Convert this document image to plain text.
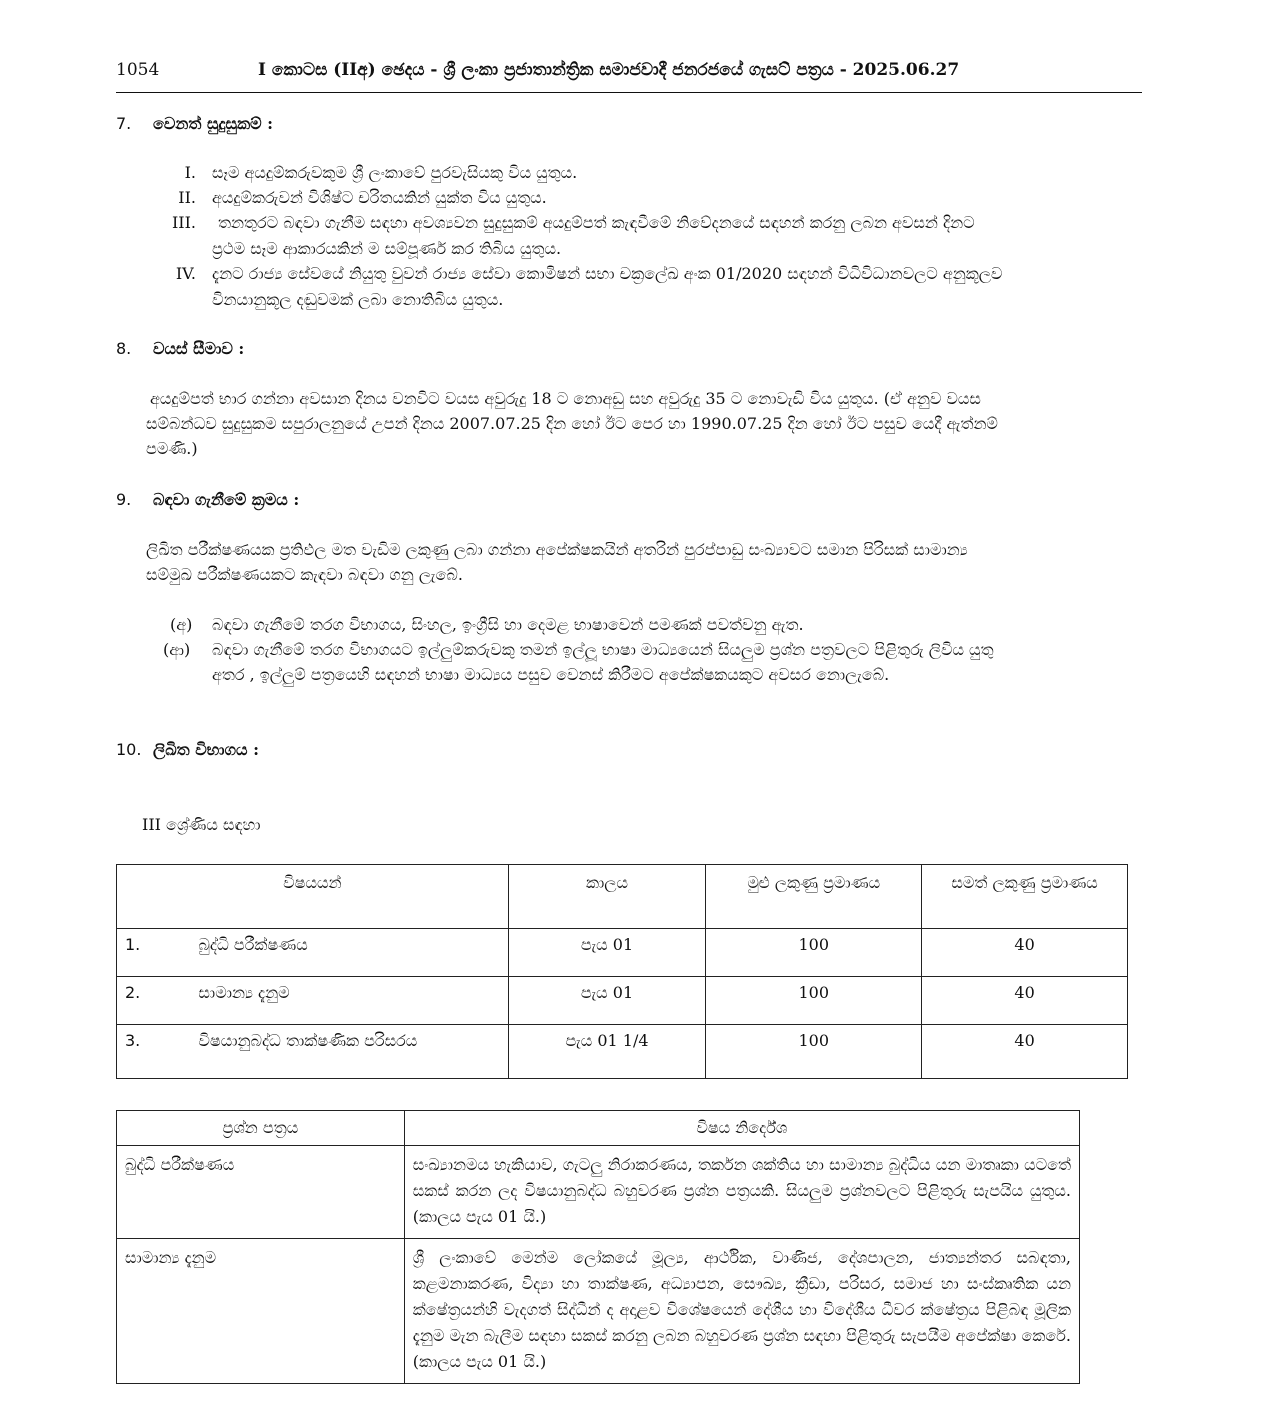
1054	I කොටස (IIඅ) ඡෙදය - ශ්‍රී ලංකා ප්‍රජාතාන්ත්‍රික සමාජවාදී ජනරජයේ ගැසට් පත්‍රය - 2025.06.27
7. වෙනත් සුදුසුකම් :
I. සෑම අයදුම්කරුවකුම ශ්‍රී ලංකාවේ පුරවැසියකු විය යුතුය.
II. අයදුම්කරුවන් විශිෂ්ට චරිතයකින් යුක්ත විය යුතුය.
III. තනතුරට බඳවා ගැනීම සඳහා අවශ්‍යවන සුදුසුකම් අයදුම්පත් කැඳවීමේ නිවේදනයේ සඳහන් කරනු ලබන අවසන් දිනට
ප්‍රථම සෑම ආකාරයකින් ම සම්පූර්ණ කර තිබිය යුතුය.
IV. දැනට රාජ්‍ය සේවයේ නියුතු වුවන් රාජ්‍ය සේවා කොමිෂන් සභා චක්‍රලේඛ අංක 01/2020 සඳහන් විධිවිධානවලට අනුකූලව
විනයානුකූල දඬුවමක් ලබා නොතිබිය යුතුය.
8. වයස් සීමාව :
අයදුම්පත් භාර ගන්නා අවසාන දිනය වනවිට වයස අවුරුදු 18 ට නොඅඩු සහ අවුරුදු 35 ට නොවැඩි විය යුතුය. (ඒ අනුව වයස
සම්බන්ධව සුදුසුකම සපුරාලනුයේ උපන් දිනය 2007.07.25 දින හෝ ඊට පෙර හා 1990.07.25 දින හෝ ඊට පසුව යෙදී ඇත්නම්
පමණි.)
9. බඳවා ගැනීමේ ක්‍රමය :
ලිඛිත පරීක්ෂණයක ප්‍රතිඵල මත වැඩිම ලකුණු ලබා ගන්නා අපේක්ෂකයින් අතරින් පුරප්පාඩු සංඛ්‍යාවට සමාන පිරිසක් සාමාන්‍ය
සම්මුඛ පරීක්ෂණයකට කැඳවා බඳවා ගනු ලැබේ.
(අ) බඳවා ගැනීමේ තරග විභාගය, සිංහල, ඉංග්‍රීසි හා දෙමළ භාෂාවෙන් පමණක් පවත්වනු ඇත.
(ආ) බඳවා ගැනීමේ තරග විභාගයට ඉල්ලුම්කරුවකු තමන් ඉල්ලූ භාෂා මාධ්‍යයෙන් සියලුම ප්‍රශ්න පත්‍රවලට පිළිතුරු ලිවිය යුතු
අතර , ඉල්ලුම් පත්‍රයෙහි සඳහන් භාෂා මාධ්‍යය පසුව වෙනස් කිරීමට අපේක්ෂකයකුට අවසර නොලැබේ.
10. ලිඛිත විභාගය :
III ශ්‍රේණිය සඳහා
විෂයයන්		කාලය	මුළු ලකුණු ප්‍රමාණය	සමත් ලකුණු ප්‍රමාණය
1.	බුද්ධි පරීක්ෂණය	පැය 01	100	40
2.	සාමාන්‍ය දැනුම	පැය 01	100	40
3.	විෂයානුබද්ධ තාක්ෂණික පරිසරය	පැය 01 1/4	100	40
ප්‍රශ්න පත්‍රය	විෂය නිර්දේශ
බුද්ධි පරීක්ෂණය	සංඛ්‍යානමය හැකියාව, ගැටලු නිරාකරණය, තර්කන ශක්තිය හා සාමාන්‍ය බුද්ධිය යන මාතෘකා යටතේ සකස් කරන ලද විෂයානුබද්ධ බහුවරණ ප්‍රශ්න පත්‍රයකි. සියලුම ප්‍රශ්නවලට පිළිතුරු සැපයිය යුතුය.(කාලය පැය 01 යි.)
සාමාන්‍ය දැනුම	ශ්‍රී ලංකාවේ මෙන්ම ලෝකයේ මූල්‍ය, ආර්ථික, වාණිජ, දේශපාලන, ජාත්‍යන්තර සබඳතා, කළමනාකරණ, විද්‍යා හා තාක්ෂණ, අධ්‍යාපන, සෞඛ්‍ය, ක්‍රීඩා, පරිසර, සමාජ හා සංස්කෘතික යන ක්ෂේත්‍රයන්හි වැදගත් සිද්ධීන් ද අදාළව විශේෂයෙන් දේශීය හා විදේශීය ධීවර ක්ෂේත්‍රය පිළිබඳ මූලික දැනුම මැන බැලීම සඳහා සකස් කරනු ලබන බහුවරණ ප්‍රශ්න සඳහා පිළිතුරු සැපයීම අපේක්ෂා කෙරේ.(කාලය පැය 01 යි.)
